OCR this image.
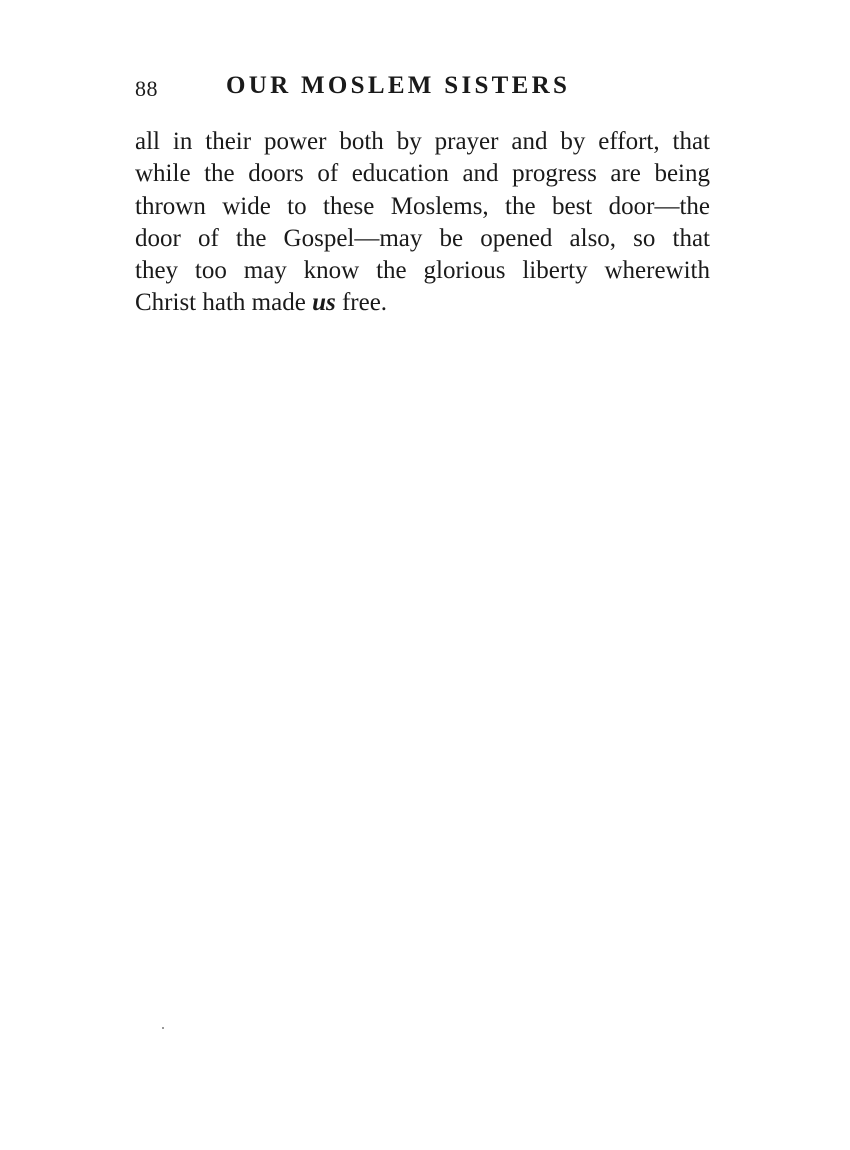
88	OUR MOSLEM SISTERS
all in their power both by prayer and by effort, that
while the doors of education and progress are being
thrown wide to these Moslems, the best door—the
door of the Gospel—may be opened also, so that
they too may know the glorious liberty wherewith
Christ hath made us free.
